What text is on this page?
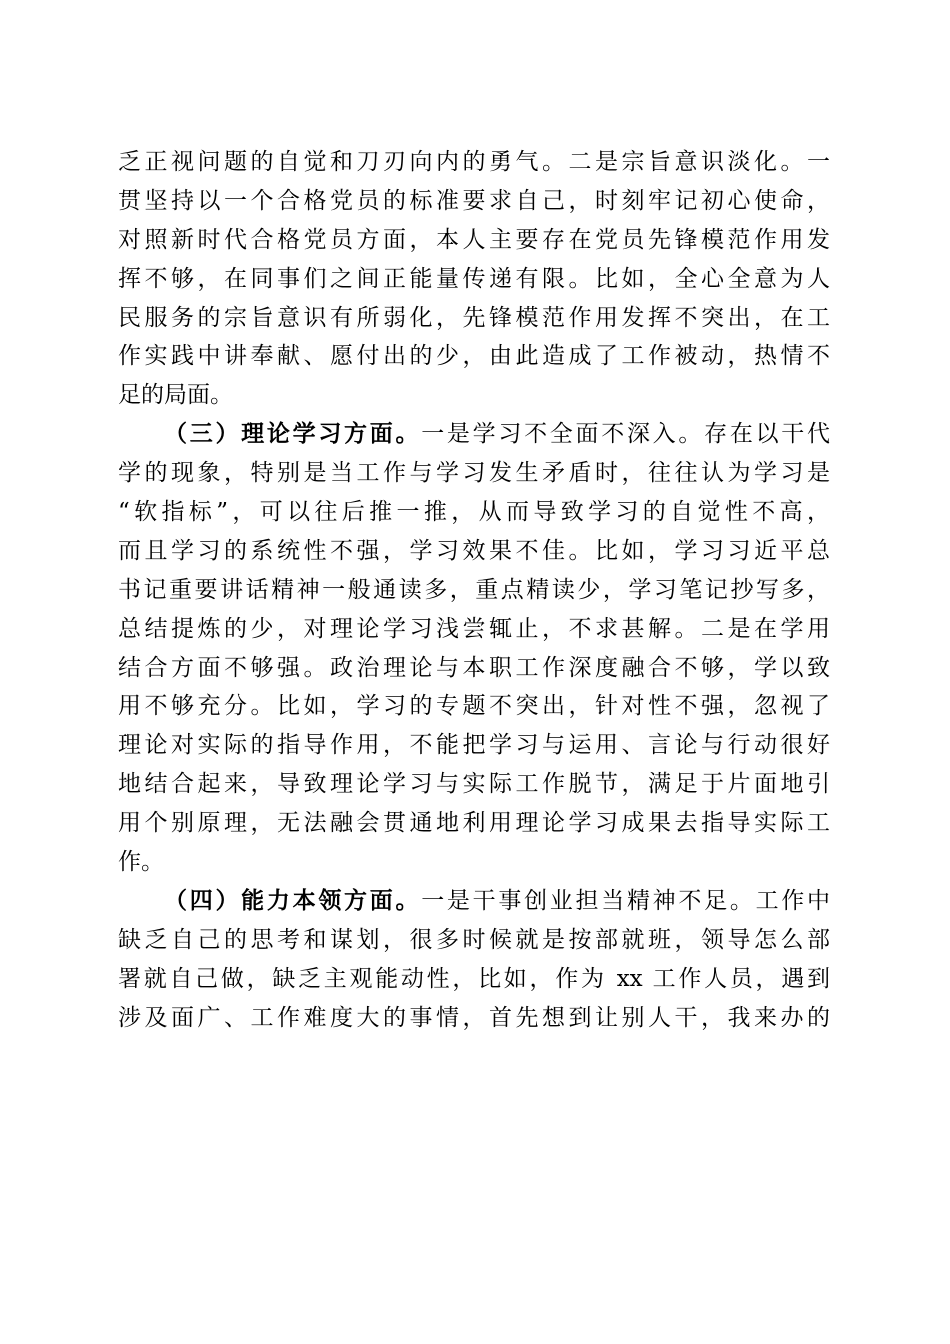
乏正视问题的自觉和刀刃向内的勇气。二是宗旨意识淡化。一
贯坚持以一个合格党员的标准要求自己，时刻牢记初心使命，
对照新时代合格党员方面，本人主要存在党员先锋模范作用发
挥不够，在同事们之间正能量传递有限。比如，全心全意为人
民服务的宗旨意识有所弱化，先锋模范作用发挥不突出，在工
作实践中讲奉献、愿付出的少，由此造成了工作被动，热情不
足的局面。
（三）理论学习方面。一是学习不全面不深入。存在以干代
学的现象，特别是当工作与学习发生矛盾时，往往认为学习是
“软指标”，可以往后推一推，从而导致学习的自觉性不高，
而且学习的系统性不强，学习效果不佳。比如，学习习近平总
书记重要讲话精神一般通读多，重点精读少，学习笔记抄写多，
总结提炼的少，对理论学习浅尝辄止，不求甚解。二是在学用
结合方面不够强。政治理论与本职工作深度融合不够，学以致
用不够充分。比如，学习的专题不突出，针对性不强，忽视了
理论对实际的指导作用，不能把学习与运用、言论与行动很好
地结合起来，导致理论学习与实际工作脱节，满足于片面地引
用个别原理，无法融会贯通地利用理论学习成果去指导实际工
作。
（四）能力本领方面。一是干事创业担当精神不足。工作中
缺乏自己的思考和谋划，很多时候就是按部就班，领导怎么部
署就自己做，缺乏主观能动性，比如，作为 xx 工作人员，遇到
涉及面广、工作难度大的事情，首先想到让别人干，我来办的
